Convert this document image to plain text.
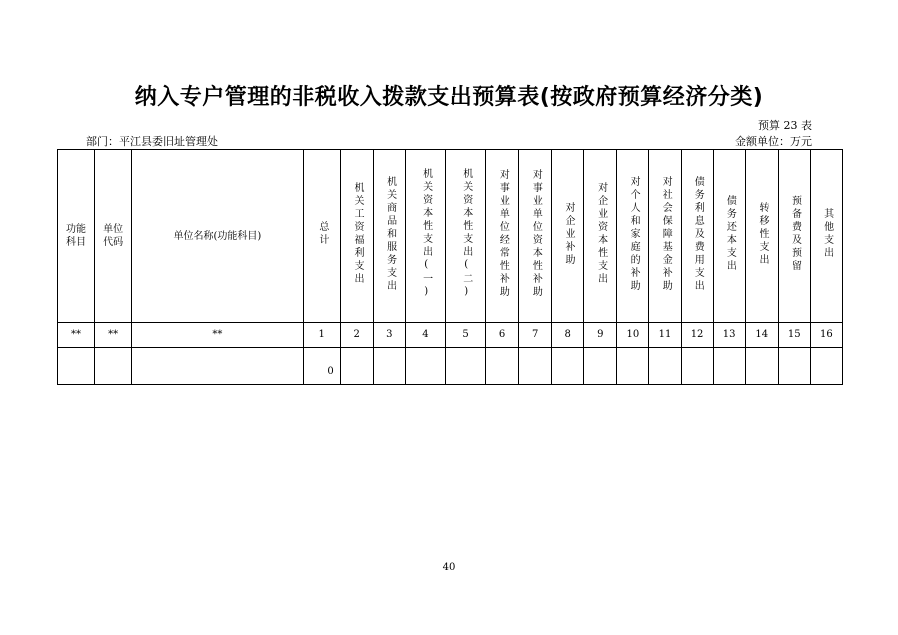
纳入专户管理的非税收入拨款支出预算表(按政府预算经济分类)
预算 23 表
部门：平江县委旧址管理处	金额单位：万元
功能科目	单位代码	单位名称(功能科目)	总计	机关工资福利支出	机关商品和服务支出	机关资本性支出(一)	机关资本性支出(二)	对事业单位经常性补助	对事业单位资本性补助	对企业补助	对企业资本性支出	对个人和家庭的补助	对社会保障基金补助	债务利息及费用支出	债务还本支出	转移性支出	预备费及预留	其他支出
**	**	**	1	2	3	4	5	6	7	8	9	10	11	12	13	14	15	16
			0															
40
